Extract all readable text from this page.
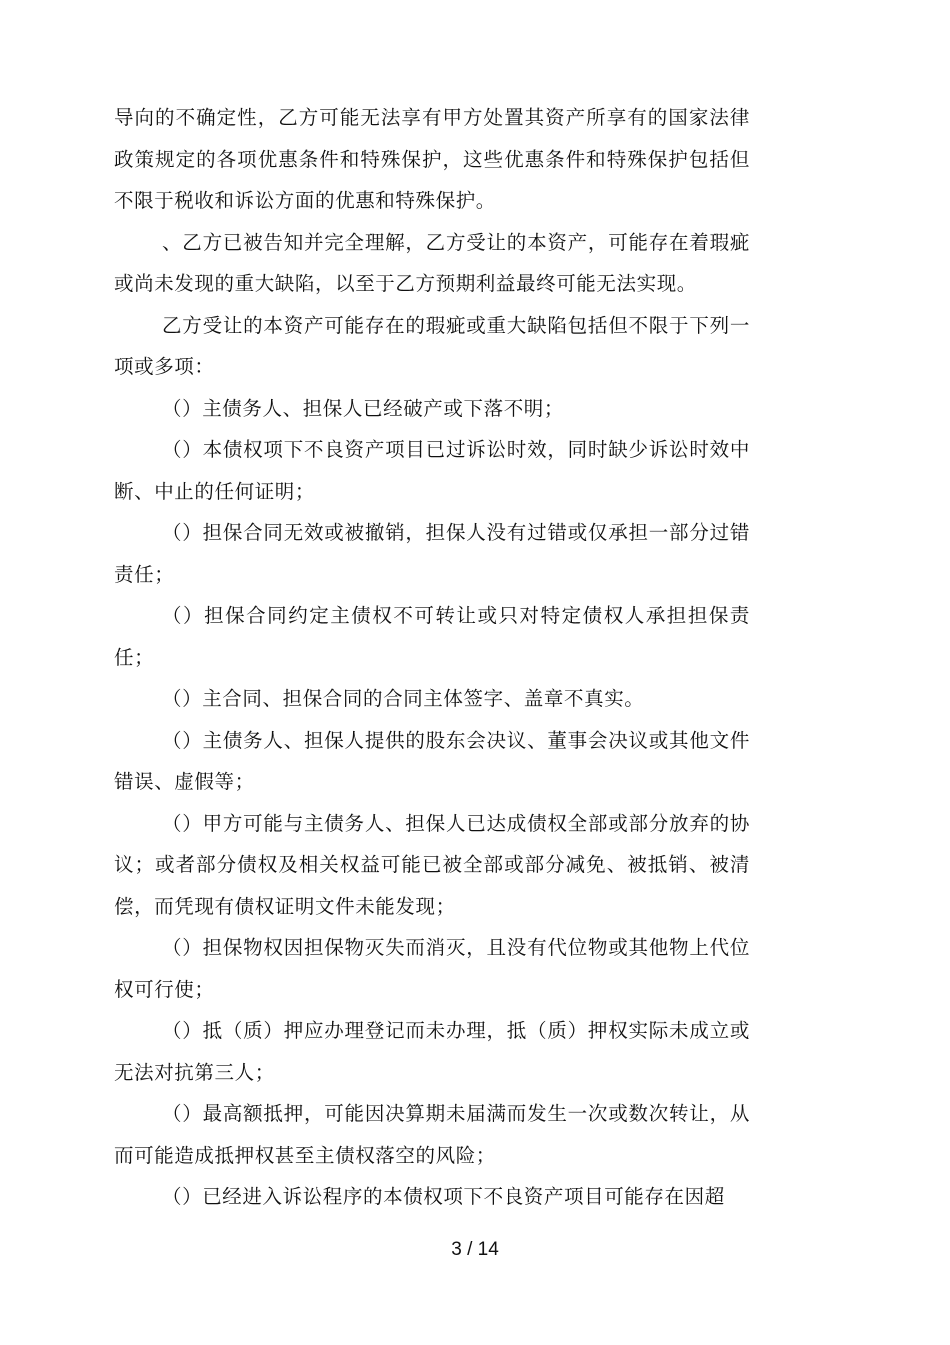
导向的不确定性，乙方可能无法享有甲方处置其资产所享有的国家法律政策规定的各项优惠条件和特殊保护，这些优惠条件和特殊保护包括但不限于税收和诉讼方面的优惠和特殊保护。

、乙方已被告知并完全理解，乙方受让的本资产，可能存在着瑕疵或尚未发现的重大缺陷，以至于乙方预期利益最终可能无法实现。

乙方受让的本资产可能存在的瑕疵或重大缺陷包括但不限于下列一项或多项：

（）主债务人、担保人已经破产或下落不明；

（）本债权项下不良资产项目已过诉讼时效，同时缺少诉讼时效中断、中止的任何证明；

（）担保合同无效或被撤销，担保人没有过错或仅承担一部分过错责任；

（）担保合同约定主债权不可转让或只对特定债权人承担担保责任；

（）主合同、担保合同的合同主体签字、盖章不真实。

（）主债务人、担保人提供的股东会决议、董事会决议或其他文件错误、虚假等；

（）甲方可能与主债务人、担保人已达成债权全部或部分放弃的协议；或者部分债权及相关权益可能已被全部或部分减免、被抵销、被清偿，而凭现有债权证明文件未能发现；

（）担保物权因担保物灭失而消灭，且没有代位物或其他物上代位权可行使；

（）抵（质）押应办理登记而未办理，抵（质）押权实际未成立或无法对抗第三人；

（）最高额抵押，可能因决算期未届满而发生一次或数次转让，从而可能造成抵押权甚至主债权落空的风险；

（）已经进入诉讼程序的本债权项下不良资产项目可能存在因超

3 / 14
